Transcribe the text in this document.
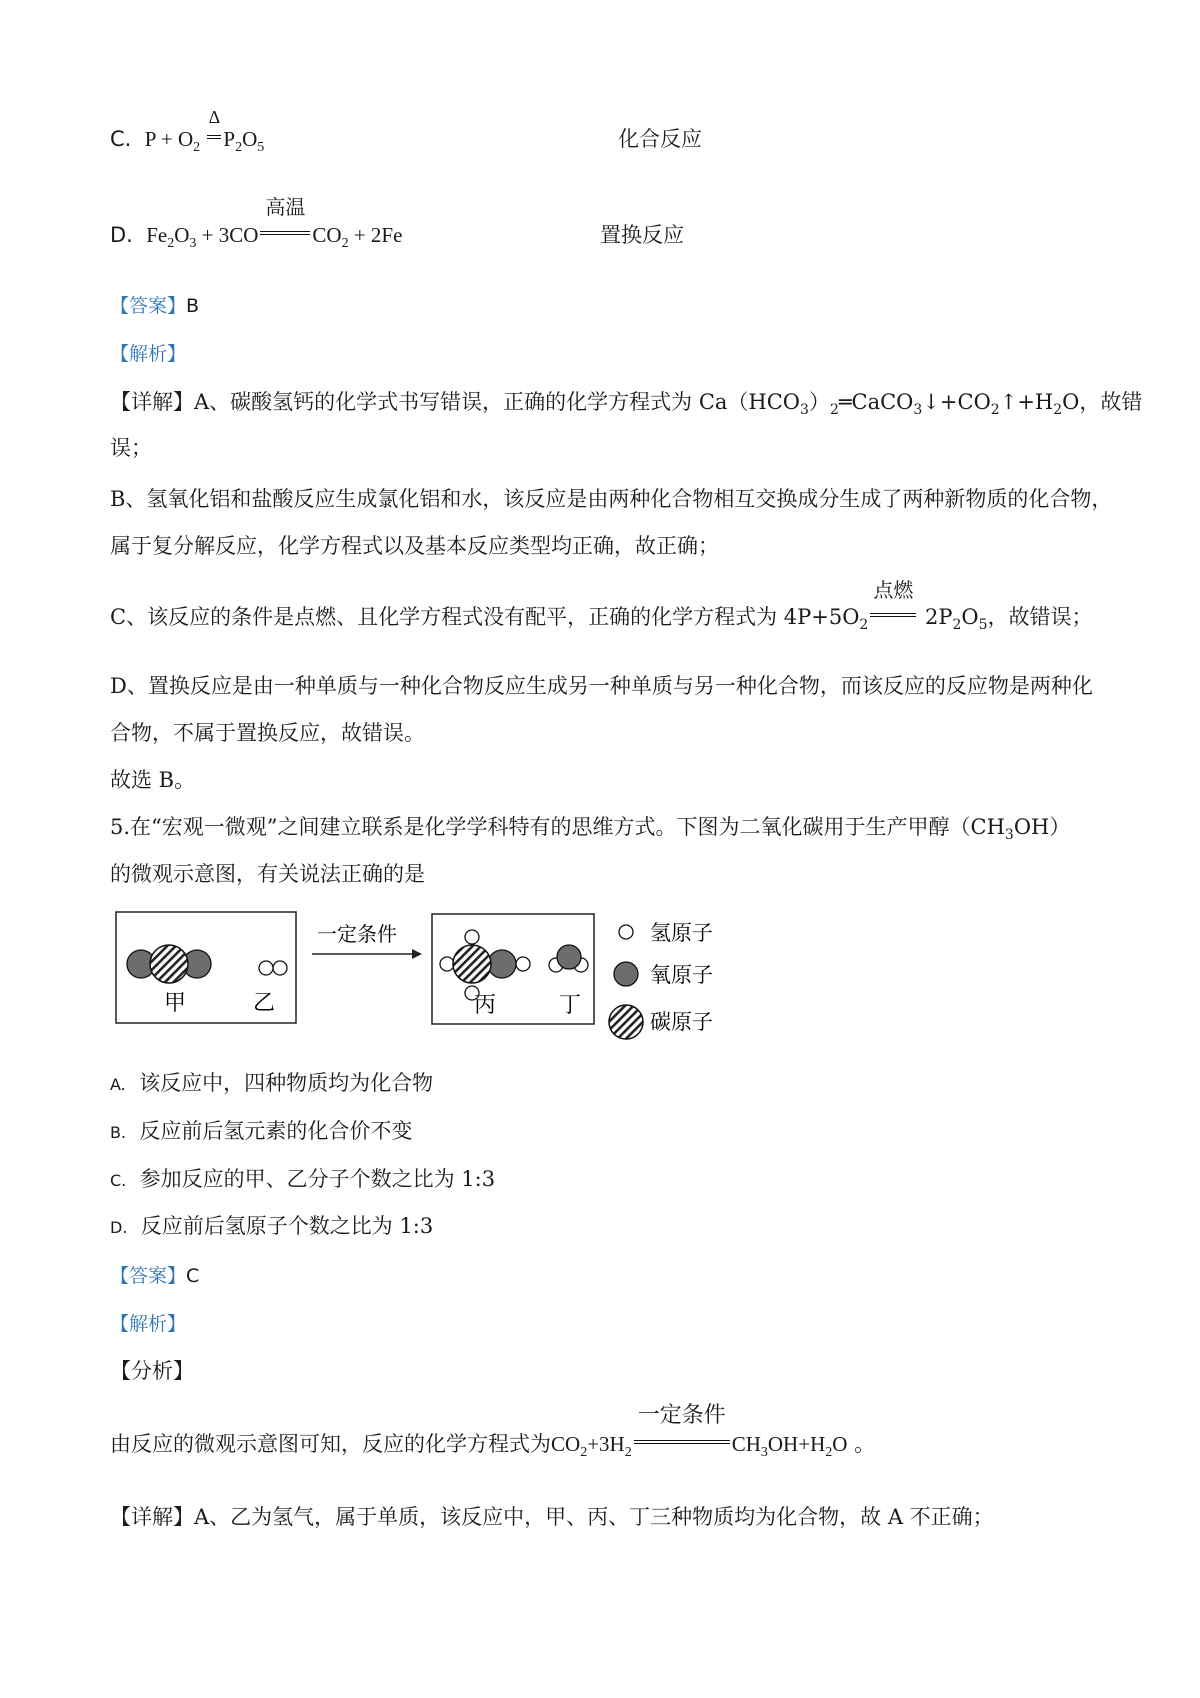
C. $P + O_2$
Δ
$P_2O_5$	化合反应
D. $Fe_2O_3 + 3CO$
高温
$CO_2 + 2Fe$	置换反应
【答案】B
【解析】
【详解】A、碳酸氢钙的化学式书写错误，正确的化学方程式为 $Ca(HCO_3)_2═CaCO_3↓+CO_2↑+H_2O$，故错
误；
B、氢氧化铝和盐酸反应生成氯化铝和水，该反应是由两种化合物相互交换成分生成了两种新物质的化合物，
属于复分解反应，化学方程式以及基本反应类型均正确，故正确；
C、该反应的条件是点燃、且化学方程式没有配平，正确的化学方程式为 $4P+5O_2$
点燃
$2P_2O_5$，故错误；
D、置换反应是由一种单质与一种化合物反应生成另一种单质与另一种化合物，而该反应的反应物是两种化
合物，不属于置换反应，故错误。
故选 B。
5.在“宏观一微观”之间建立联系是化学学科特有的思维方式。下图为二氧化碳用于生产甲醇$(CH_3OH)$
的微观示意图，有关说法正确的是
甲	乙
一定条件
丙	丁
氢原子
氧原子
碳原子
A. 该反应中，四种物质均为化合物
B. 反应前后氢元素的化合价不变
C. 参加反应的甲、乙分子个数之比为 1:3
D. 反应前后氢原子个数之比为 1:3
【答案】C
【解析】
【分析】
由反应的微观示意图可知，反应的化学方程式为$CO_2+3H_2$
一定条件
$CH_3OH+H_2O$ 。
【详解】A、乙为氢气，属于单质，该反应中，甲、丙、丁三种物质均为化合物，故 A 不正确；
